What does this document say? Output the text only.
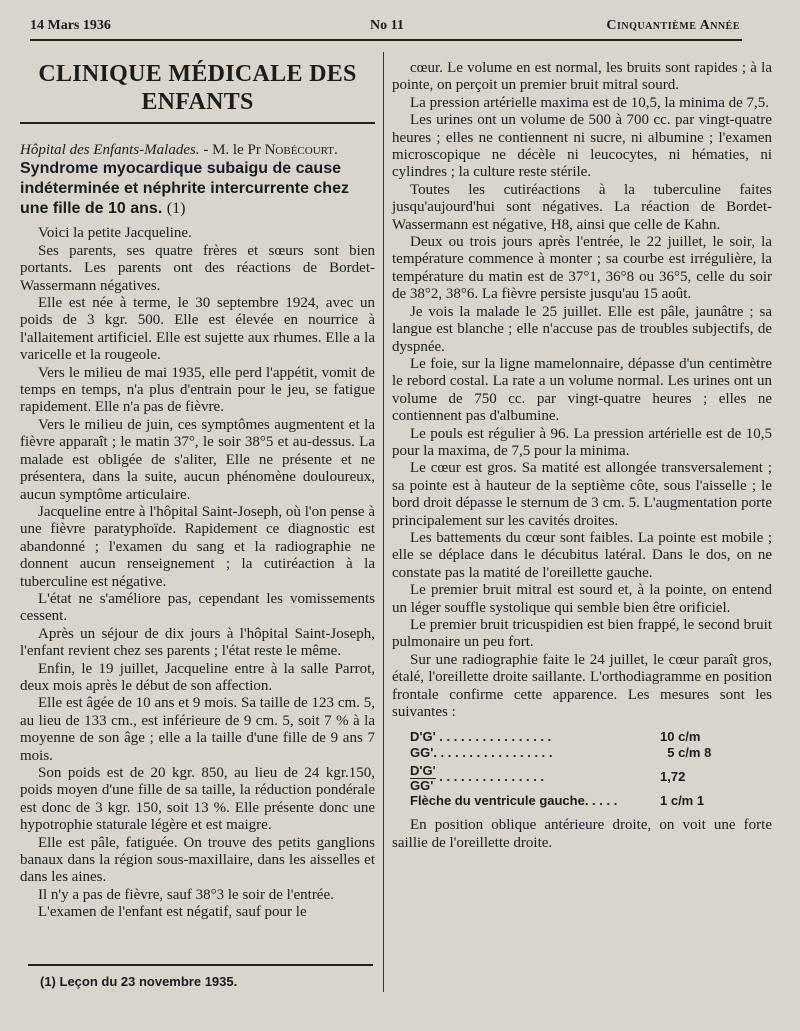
14 Mars 1936	No 11	Cinquantième Année
CLINIQUE MÉDICALE DES ENFANTS

Hôpital des Enfants-Malades. - M. le Pr Nobécourt.

Syndrome myocardique subaigu de cause indéterminée et néphrite intercurrente chez une fille de 10 ans. (1)

Voici la petite Jacqueline.

Ses parents, ses quatre frères et sœurs sont bien portants. Les parents ont des réactions de Bordet-Wassermann négatives.

Elle est née à terme, le 30 septembre 1924, avec un poids de 3 kgr. 500. Elle est élevée en nourrice à l'allaitement artificiel. Elle est sujette aux rhumes. Elle a la varicelle et la rougeole.

Vers le milieu de mai 1935, elle perd l'appétit, vomit de temps en temps, n'a plus d'entrain pour le jeu, se fatigue rapidement. Elle n'a pas de fièvre.

Vers le milieu de juin, ces symptômes augmentent et la fièvre apparaît ; le matin 37°, le soir 38°5 et au-dessus. La malade est obligée de s'aliter, Elle ne présente et ne présentera, dans la suite, aucun phénomène douloureux, aucun symptôme articulaire.

Jacqueline entre à l'hôpital Saint-Joseph, où l'on pense à une fièvre paratyphoïde. Rapidement ce diagnostic est abandonné ; l'examen du sang et la radiographie ne donnent aucun renseignement ; la cutiréaction à la tuberculine est négative.

L'état ne s'améliore pas, cependant les vomissements cessent.

Après un séjour de dix jours à l'hôpital Saint-Joseph, l'enfant revient chez ses parents ; l'état reste le même.

Enfin, le 19 juillet, Jacqueline entre à la salle Parrot, deux mois après le début de son affection.

Elle est âgée de 10 ans et 9 mois. Sa taille de 123 cm. 5, au lieu de 133 cm., est inférieure de 9 cm. 5, soit 7 % à la moyenne de son âge ; elle a la taille d'une fille de 9 ans 7 mois.

Son poids est de 20 kgr. 850, au lieu de 24 kgr.150, poids moyen d'une fille de sa taille, la réduction pondérale est donc de 3 kgr. 150, soit 13 %. Elle présente donc une hypotrophie staturale légère et est maigre.

Elle est pâle, fatiguée. On trouve des petits ganglions banaux dans la région sous-maxillaire, dans les aisselles et dans les aines.

Il n'y a pas de fièvre, sauf 38°3 le soir de l'entrée.

L'examen de l'enfant est négatif, sauf pour le

(1) Leçon du 23 novembre 1935.

cœur. Le volume en est normal, les bruits sont rapides ; à la pointe, on perçoit un premier bruit mitral sourd.

La pression artérielle maxima est de 10,5, la minima de 7,5.

Les urines ont un volume de 500 à 700 cc. par vingt-quatre heures ; elles ne contiennent ni sucre, ni albumine ; l'examen microscopique ne décèle ni leucocytes, ni hématies, ni cylindres ; la culture reste stérile.

Toutes les cutiréactions à la tuberculine faites jusqu'aujourd'hui sont négatives. La réaction de Bordet-Wassermann est négative, H8, ainsi que celle de Kahn.

Deux ou trois jours après l'entrée, le 22 juillet, le soir, la température commence à monter ; sa courbe est irrégulière, la température du matin est de 37°1, 36°8 ou 36°5, celle du soir de 38°2, 38°6. La fièvre persiste jusqu'au 15 août.

Je vois la malade le 25 juillet. Elle est pâle, jaunâtre ; sa langue est blanche ; elle n'accuse pas de troubles subjectifs, de dyspnée.

Le foie, sur la ligne mamelonnaire, dépasse d'un centimètre le rebord costal. La rate a un volume normal. Les urines ont un volume de 750 cc. par vingt-quatre heures ; elles ne contiennent pas d'albumine.

Le pouls est régulier à 96. La pression artérielle est de 10,5 pour la maxima, de 7,5 pour la minima.

Le cœur est gros. Sa matité est allongée transversalement ; sa pointe est à hauteur de la septième côte, sous l'aisselle ; le bord droit dépasse le sternum de 3 cm. 5. L'augmentation porte principalement sur les cavités droites.

Les battements du cœur sont faibles. La pointe est mobile ; elle se déplace dans le décubitus latéral. Dans le dos, on ne constate pas la matité de l'oreillette gauche.

Le premier bruit mitral est sourd et, à la pointe, on entend un léger souffle systolique qui semble bien être orificiel.

Le premier bruit tricuspidien est bien frappé, le second bruit pulmonaire un peu fort.

Sur une radiographie faite le 24 juillet, le cœur paraît gros, étalé, l'oreillette droite saillante. L'orthodiagramme en position frontale confirme cette apparence. Les mesures sont les suivantes :

D'G' . . . . . . . . . . . . . . . .	10 c/m
GG'. . . . . . . . . . . . . . . . .	5 c/m 8
$\frac{D'G'}{GG'}$ . . . . . . . . . . . . . . .	1,72
Flèche du ventricule gauche. . . . .	1 c/m 1

En position oblique antérieure droite, on voit une forte saillie de l'oreillette droite.
